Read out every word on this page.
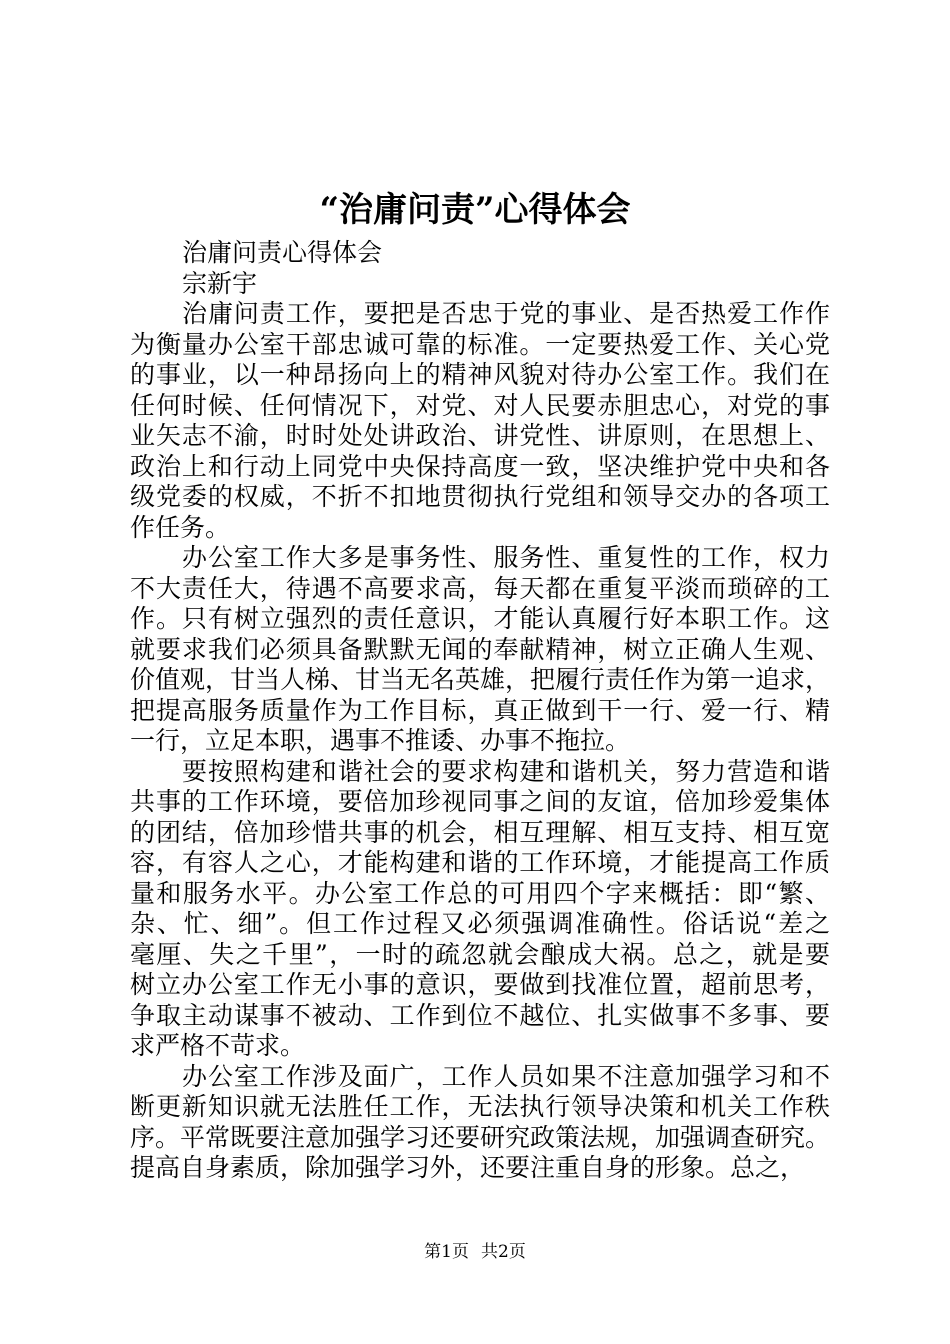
“治庸问责”心得体会
治庸问责心得体会
宗新宇
治庸问责工作，要把是否忠于党的事业、是否热爱工作作
为衡量办公室干部忠诚可靠的标准。一定要热爱工作、关心党
的事业，以一种昂扬向上的精神风貌对待办公室工作。我们在
任何时候、任何情况下，对党、对人民要赤胆忠心，对党的事
业矢志不渝，时时处处讲政治、讲党性、讲原则，在思想上、
政治上和行动上同党中央保持高度一致，坚决维护党中央和各
级党委的权威，不折不扣地贯彻执行党组和领导交办的各项工
作任务。
办公室工作大多是事务性、服务性、重复性的工作，权力
不大责任大，待遇不高要求高，每天都在重复平淡而琐碎的工
作。只有树立强烈的责任意识，才能认真履行好本职工作。这
就要求我们必须具备默默无闻的奉献精神，树立正确人生观、
价值观，甘当人梯、甘当无名英雄，把履行责任作为第一追求，
把提高服务质量作为工作目标，真正做到干一行、爱一行、精
一行，立足本职，遇事不推诿、办事不拖拉。
要按照构建和谐社会的要求构建和谐机关，努力营造和谐
共事的工作环境，要倍加珍视同事之间的友谊，倍加珍爱集体
的团结，倍加珍惜共事的机会，相互理解、相互支持、相互宽
容，有容人之心，才能构建和谐的工作环境，才能提高工作质
量和服务水平。办公室工作总的可用四个字来概括：即“繁、
杂、忙、细”。但工作过程又必须强调准确性。俗话说“差之
毫厘、失之千里”，一时的疏忽就会酿成大祸。总之，就是要
树立办公室工作无小事的意识，要做到找准位置，超前思考，
争取主动谋事不被动、工作到位不越位、扎实做事不多事、要
求严格不苛求。
办公室工作涉及面广，工作人员如果不注意加强学习和不
断更新知识就无法胜任工作，无法执行领导决策和机关工作秩
序。平常既要注意加强学习还要研究政策法规，加强调查研究。
提高自身素质，除加强学习外，还要注重自身的形象。总之，
第1页 共2页
